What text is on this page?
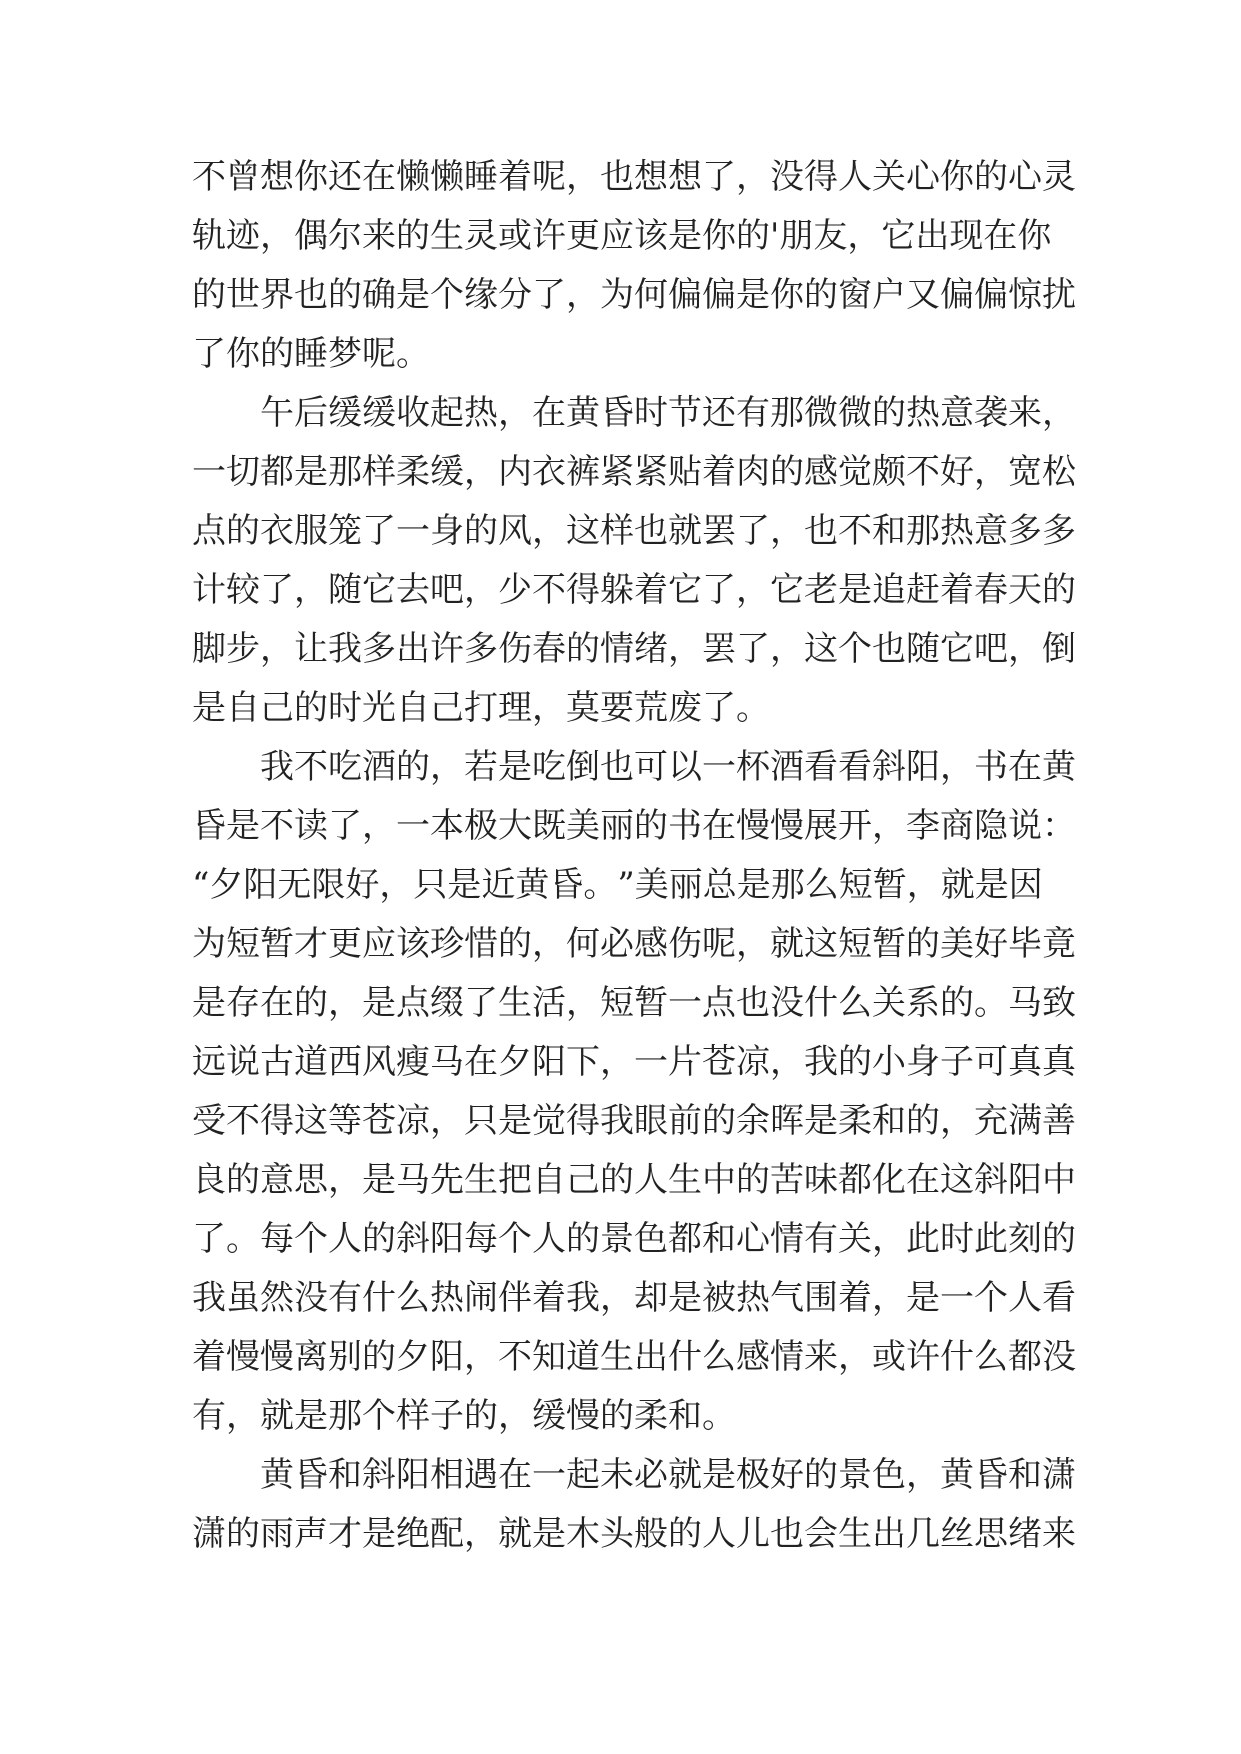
不 曾 想 你 还 在 懒 懒 睡 着 呢 ， 也 想 想 了 ， 没 得 人 关 心 你 的 心 灵
轨 迹 ， 偶 尔 来 的 生 灵 或 许 更 应 该 是 你 的 ' 朋 友 ， 它 出 现 在 你
的 世 界 也 的 确 是 个 缘 分 了 ， 为 何 偏 偏 是 你 的 窗 户 又 偏 偏 惊 扰
了你的睡梦呢。
午 后 缓 缓 收 起 热 ， 在 黄 昏 时 节 还 有 那 微 微 的 热 意 袭 来 ，
一 切 都 是 那 样 柔 缓 ， 内 衣 裤 紧 紧 贴 着 肉 的 感 觉 颇 不 好 ， 宽 松
点 的 衣 服 笼 了 一 身 的 风 ， 这 样 也 就 罢 了 ， 也 不 和 那 热 意 多 多
计 较 了 ， 随 它 去 吧 ， 少 不 得 躲 着 它 了 ， 它 老 是 追 赶 着 春 天 的
脚 步 ， 让 我 多 出 许 多 伤 春 的 情 绪 ， 罢 了 ， 这 个 也 随 它 吧 ， 倒
是自己的时光自己打理，莫要荒废了。
我 不 吃 酒 的 ， 若 是 吃 倒 也 可 以 一 杯 酒 看 看 斜 阳 ， 书 在 黄
昏 是 不 读 了 ， 一 本 极 大 既 美 丽 的 书 在 慢 慢 展 开 ， 李 商 隐 说 ：
“ 夕 阳 无 限 好 ， 只 是 近 黄 昏 。 ” 美 丽 总 是 那 么 短 暂 ， 就 是 因
为 短 暂 才 更 应 该 珍 惜 的 ， 何 必 感 伤 呢 ， 就 这 短 暂 的 美 好 毕 竟
是 存 在 的 ， 是 点 缀 了 生 活 ， 短 暂 一 点 也 没 什 么 关 系 的 。 马 致
远 说 古 道 西 风 瘦 马 在 夕 阳 下 ， 一 片 苍 凉 ， 我 的 小 身 子 可 真 真
受 不 得 这 等 苍 凉 ， 只 是 觉 得 我 眼 前 的 余 晖 是 柔 和 的 ， 充 满 善
良 的 意 思 ， 是 马 先 生 把 自 己 的 人 生 中 的 苦 味 都 化 在 这 斜 阳 中
了 。 每 个 人 的 斜 阳 每 个 人 的 景 色 都 和 心 情 有 关 ， 此 时 此 刻 的
我 虽 然 没 有 什 么 热 闹 伴 着 我 ， 却 是 被 热 气 围 着 ， 是 一 个 人 看
着 慢 慢 离 别 的 夕 阳 ， 不 知 道 生 出 什 么 感 情 来 ， 或 许 什 么 都 没
有，就是那个样子的，缓慢的柔和。
黄 昏 和 斜 阳 相 遇 在 一 起 未 必 就 是 极 好 的 景 色 ， 黄 昏 和 潇
潇 的 雨 声 才 是 绝 配 ， 就 是 木 头 般 的 人 儿 也 会 生 出 几 丝 思 绪 来
